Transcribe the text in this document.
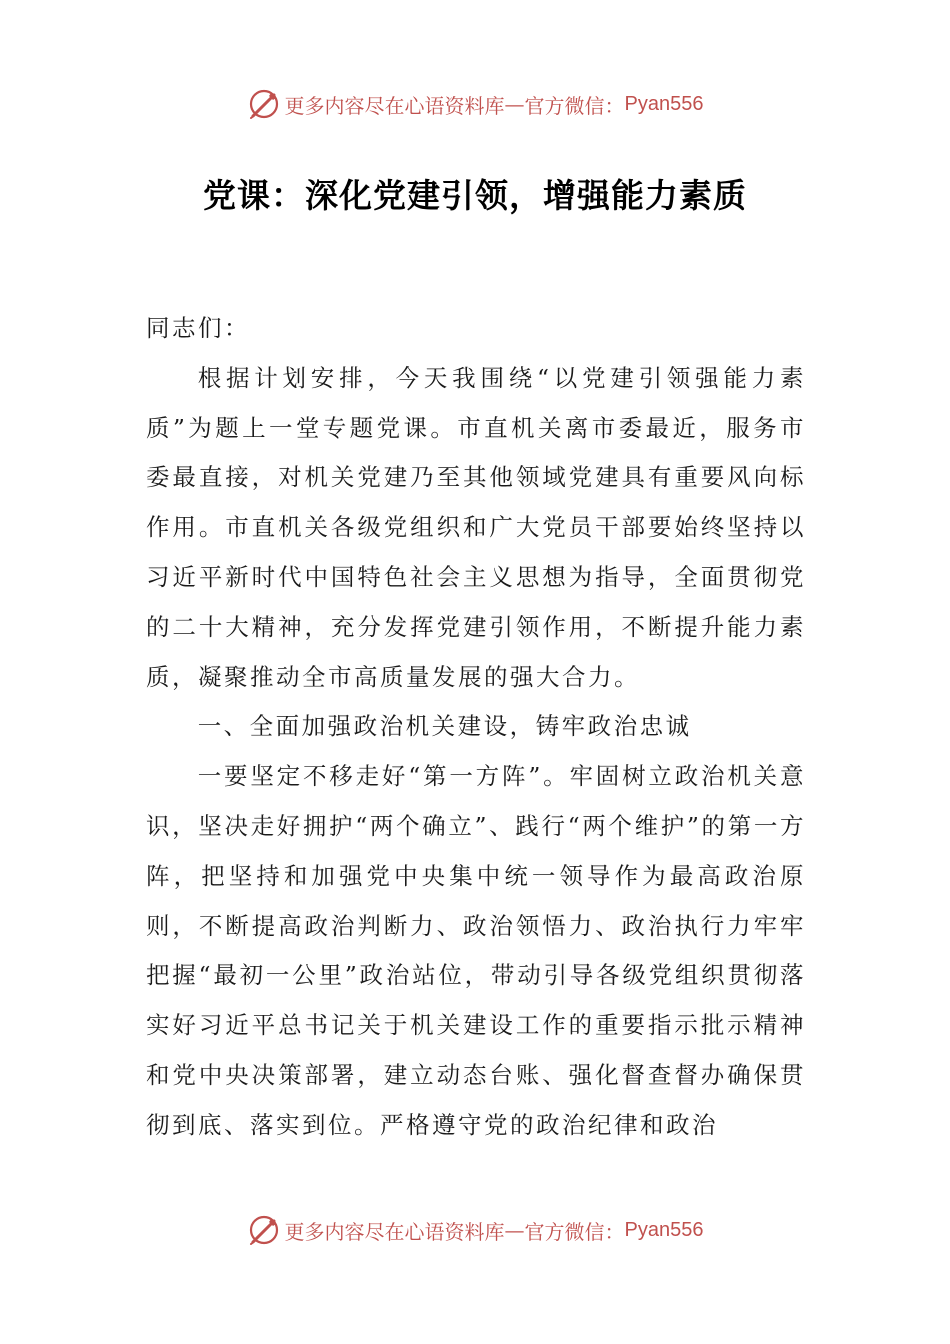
更多内容尽在心语资料库 — 官方微信： Pyan556
党课：深化党建引领，增强能力素质

同志们：

根据计划安排，今天我围绕“以党建引领强能力素质”为题上一堂专题党课。市直机关离市委最近，服务市委最直接，对机关党建乃至其他领域党建具有重要风向标作用。市直机关各级党组织和广大党员干部要始终坚持以习近平新时代中国特色社会主义思想为指导，全面贯彻党的二十大精神，充分发挥党建引领作用，不断提升能力素质，凝聚推动全市高质量发展的强大合力。

一、全面加强政治机关建设，铸牢政治忠诚

一要坚定不移走好“第一方阵”。牢固树立政治机关意识，坚决走好拥护“两个确立”、践行“两个维护”的第一方阵，把坚持和加强党中央集中统一领导作为最高政治原则，不断提高政治判断力、政治领悟力、政治执行力牢牢把握“最初一公里”政治站位，带动引导各级党组织贯彻落实好习近平总书记关于机关建设工作的重要指示批示精神和党中央决策部署，建立动态台账、强化督查督办确保贯彻到底、落实到位。严格遵守党的政治纪律和政治

更多内容尽在心语资料库 — 官方微信： Pyan556
